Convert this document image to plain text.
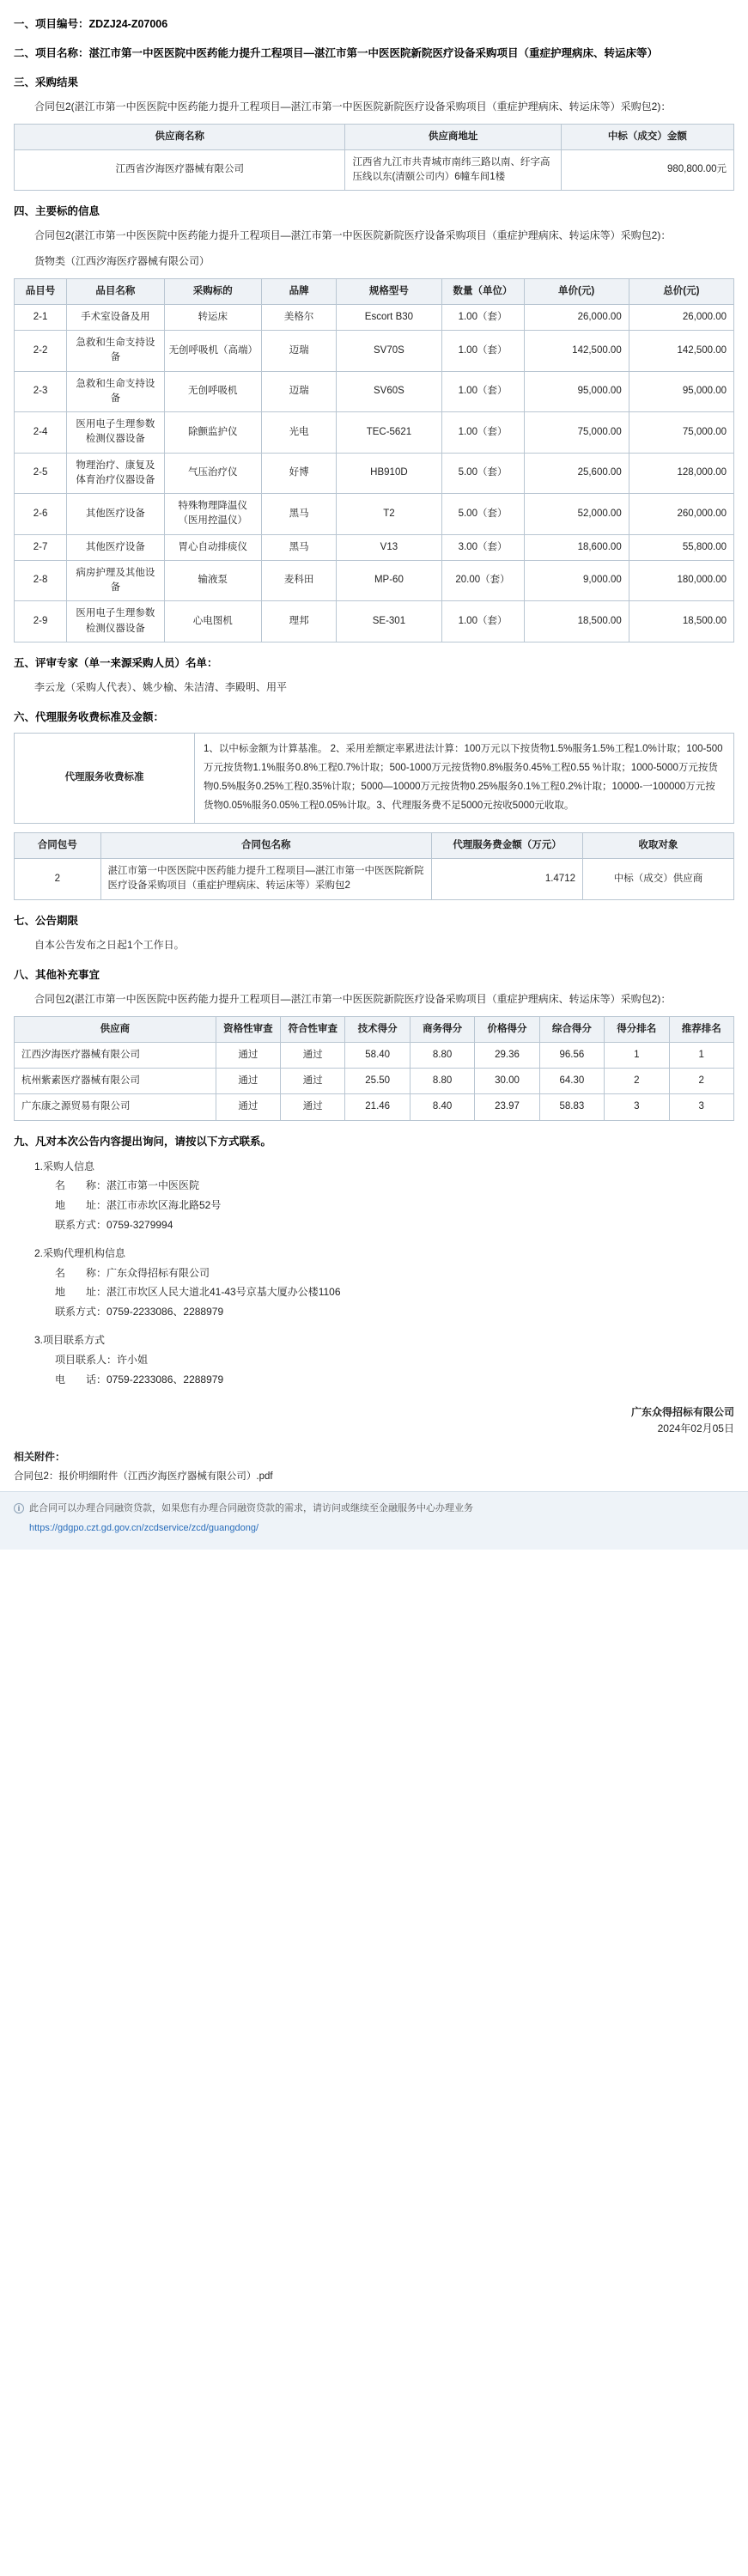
一、项目编号：ZDZJ24-Z07006
二、项目名称：湛江市第一中医医院中医药能力提升工程项目—湛江市第一中医医院新院医疗设备采购项目（重症护理病床、转运床等）
三、采购结果
合同包2(湛江市第一中医医院中医药能力提升工程项目—湛江市第一中医医院新院医疗设备采购项目（重症护理病床、转运床等）采购包2)：
供应商名称	供应商地址	中标（成交）金额
江西省汐海医疗器械有限公司	江西省九江市共青城市南纬三路以南、纡字高压线以东(清颐公司内）6幢车间1楼	980,800.00元
四、主要标的信息
合同包2(湛江市第一中医医院中医药能力提升工程项目—湛江市第一中医医院新院医疗设备采购项目（重症护理病床、转运床等）采购包2)：
货物类（江西汐海医疗器械有限公司）
品目号	品目名称	采购标的	品牌	规格型号	数量（单位）	单价(元)	总价(元)
2-1	手术室设备及用	转运床	美格尔	Escort B30	1.00（套）	26,000.00	26,000.00
2-2	急救和生命支持设备	无创呼吸机（高端）	迈瑞	SV70S	1.00（套）	142,500.00	142,500.00
2-3	急救和生命支持设备	无创呼吸机	迈瑞	SV60S	1.00（套）	95,000.00	95,000.00
2-4	医用电子生理参数检测仪器设备	除颤监护仪	光电	TEC-5621	1.00（套）	75,000.00	75,000.00
2-5	物理治疗、康复及体育治疗仪器设备	气压治疗仪	好博	HB910D	5.00（套）	25,600.00	128,000.00
2-6	其他医疗设备	特殊物理降温仪（医用控温仪）	黑马	T2	5.00（套）	52,000.00	260,000.00
2-7	其他医疗设备	胃心自动排痰仪	黑马	V13	3.00（套）	18,600.00	55,800.00
2-8	病房护理及其他设备	输液泵	麦科田	MP-60	20.00（套）	9,000.00	180,000.00
2-9	医用电子生理参数检测仪器设备	心电图机	理邦	SE-301	1.00（套）	18,500.00	18,500.00
五、评审专家（单一来源采购人员）名单：
李云龙（采购人代表）、姚少榆、朱洁清、李殿明、用平
六、代理服务收费标准及金额：
代理服务收费标准	1、以中标金额为计算基准。 2、采用差额定率累进法计算：100万元以下按货物1.5%服务1.5%工程1.0%计取；100-500万元按货物1.1%服务0.8%工程0.7%计取；500-1000万元按货物0.8%服务0.45%工程0.55 %计取；1000-5000万元按货物0.5%服务0.25%工程0.35%计取；5000—10000万元按货物0.25%服务0.1%工程0.2%计取；10000-一100000万元按货物0.05%服务0.05%工程0.05%计取。3、代理服务费不足5000元按收5000元收取。
合同包号	合同包名称	代理服务费金额（万元）	收取对象
2	湛江市第一中医医院中医药能力提升工程项目—湛江市第一中医医院新院医疗设备采购项目（重症护理病床、转运床等）采购包2	1.4712	中标（成交）供应商
七、公告期限
自本公告发布之日起1个工作日。
八、其他补充事宜
合同包2(湛江市第一中医医院中医药能力提升工程项目—湛江市第一中医医院新院医疗设备采购项目（重症护理病床、转运床等）采购包2)：
供应商	资格性审查	符合性审查	技术得分	商务得分	价格得分	综合得分	得分排名	推荐排名
江西汐海医疗器械有限公司	通过	通过	58.40	8.80	29.36	96.56	1	1
杭州紫素医疗器械有限公司	通过	通过	25.50	8.80	30.00	64.30	2	2
广东康之源贸易有限公司	通过	通过	21.46	8.40	23.97	58.83	3	3
九、凡对本次公告内容提出询问，请按以下方式联系。
1.采购人信息
名　　称：湛江市第一中医医院
地　　址：湛江市赤坎区海北路52号
联系方式：0759-3279994
2.采购代理机构信息
名　　称：广东众得招标有限公司
地　　址：湛江市坎区人民大道北41-43号京基大厦办公楼1106
联系方式：0759-2233086、2288979
3.项目联系方式
项目联系人：许小姐
电　　话：0759-2233086、2288979
广东众得招标有限公司
2024年02月05日
相关附件：
合同包2：报价明细附件（江西汐海医疗器械有限公司）.pdf
i 此合同可以办理合同融资贷款，如果您有办理合同融资贷款的需求，请访问或继续至金融服务中心办理业务
https://gdgpo.czt.gd.gov.cn/zcdservice/zcd/guangdong/
